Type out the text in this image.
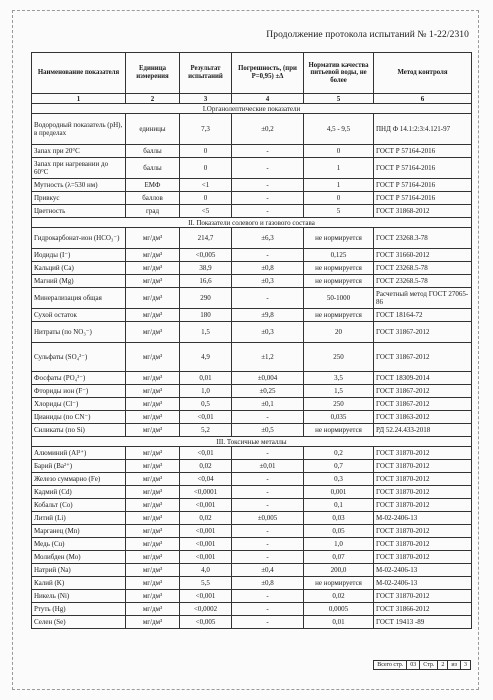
Продолжение протокола испытаний № 1-22/2310
Наименование показателя	Единица измерения	Результат испытаний	Погрешность, (при P=0,95) ±Δ	Норматив качества питьевой воды, не более	Метод контроля
1	2	3	4	5	6
I.Органолептические показатели					
Водородный показатель (pH), в пределах	единицы	7,3	±0,2	4,5 - 9,5	ПНД Ф 14.1:2:3:4.121-97
Запах при 20°С	баллы	0	-	0	ГОСТ Р 57164-2016
Запах при нагревании до 60°С	баллы	0	-	1	ГОСТ Р 57164-2016
Мутность (λ=530 нм)	ЕМФ	<1	-	1	ГОСТ Р 57164-2016
Привкус	баллов	0	-	0	ГОСТ Р 57164-2016
Цветность	град	<5	-	5	ГОСТ 31868-2012
II. Показатели солевого и газового состава					
Гидрокарбонат-ион (HCO₃⁻)	мг/дм³	214,7	±6,3	не нормируется	ГОСТ 23268.3-78
Иодиды (I⁻)	мг/дм³	<0,005	-	0,125	ГОСТ 31660-2012
Кальций (Ca)	мг/дм³	38,9	±0,8	не нормируется	ГОСТ 23268.5-78
Магний (Mg)	мг/дм³	16,6	±0,3	не нормируется	ГОСТ 23268.5-78
Минерализация общая	мг/дм³	290	-	50-1000	Расчетный метод ГОСТ 27065-86
Сухой остаток	мг/дм³	180	±9,8	не нормируется	ГОСТ 18164-72
Нитраты (по NO₃⁻)	мг/дм³	1,5	±0,3	20	ГОСТ 31867-2012
Сульфаты (SO₄²⁻)	мг/дм³	4,9	±1,2	250	ГОСТ 31867-2012
Фосфаты (PO₄³⁻)	мг/дм³	0,01	±0,004	3,5	ГОСТ 18309-2014
Фториды ион (F⁻)	мг/дм³	1,0	±0,25	1,5	ГОСТ 31867-2012
Хлориды (Cl⁻)	мг/дм³	0,5	±0,1	250	ГОСТ 31867-2012
Цианиды (по CN⁻)	мг/дм³	<0,01	-	0,035	ГОСТ 31863-2012
Силикаты (по Si)	мг/дм³	5,2	±0,5	не нормируется	РД 52.24.433-2018
III. Токсичные металлы					
Алюминий (Al³⁺)	мг/дм³	<0,01	-	0,2	ГОСТ 31870-2012
Барий (Ba²⁺)	мг/дм³	0,02	±0,01	0,7	ГОСТ 31870-2012
Железо суммарно (Fe)	мг/дм³	<0,04	-	0,3	ГОСТ 31870-2012
Кадмий (Cd)	мг/дм³	<0,0001	-	0,001	ГОСТ 31870-2012
Кобальт (Co)	мг/дм³	<0,001	-	0,1	ГОСТ 31870-2012
Литий (Li)	мг/дм³	0,02	±0,005	0,03	М-02-2406-13
Марганец (Mn)	мг/дм³	<0,001	-	0,05	ГОСТ 31870-2012
Медь (Cu)	мг/дм³	<0,001	-	1,0	ГОСТ 31870-2012
Молибден (Mo)	мг/дм³	<0,001	-	0,07	ГОСТ 31870-2012
Натрий (Na)	мг/дм³	4,0	±0,4	200,0	М-02-2406-13
Калий (K)	мг/дм³	5,5	±0,8	не нормируется	М-02-2406-13
Никель (Ni)	мг/дм³	<0,001	-	0,02	ГОСТ 31870-2012
Ртуть (Hg)	мг/дм³	<0,0002	-	0,0005	ГОСТ 31866-2012
Селен (Se)	мг/дм³	<0,005	-	0,01	ГОСТ 19413 -89
Всего стр.	03	Стр.	2	из	3
